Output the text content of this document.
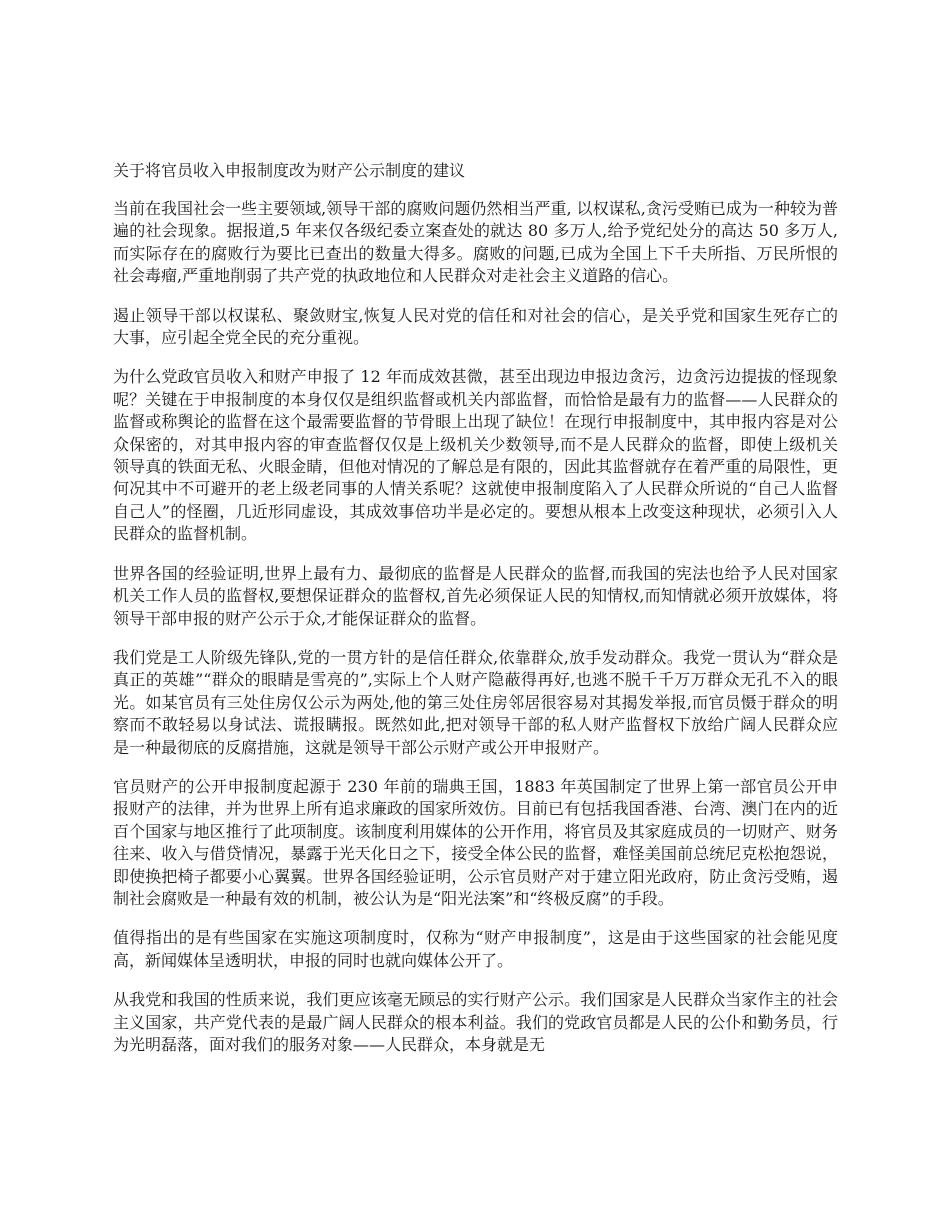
关于将官员收入申报制度改为财产公示制度的建议

当前在我国社会一些主要领域,领导干部的腐败问题仍然相当严重, 以权谋私,贪污受贿已成为一种较为普遍的社会现象。据报道,5 年来仅各级纪委立案查处的就达 80 多万人,给予党纪处分的高达 50 多万人,而实际存在的腐败行为要比已查出的数量大得多。腐败的问题,已成为全国上下千夫所指、万民所恨的社会毒瘤,严重地削弱了共产党的执政地位和人民群众对走社会主义道路的信心。

遏止领导干部以权谋私、聚敛财宝,恢复人民对党的信任和对社会的信心，是关乎党和国家生死存亡的大事，应引起全党全民的充分重视。

为什么党政官员收入和财产申报了 12 年而成效甚微，甚至出现边申报边贪污，边贪污边提拔的怪现象呢？关键在于申报制度的本身仅仅是组织监督或机关内部监督，而恰恰是最有力的监督——人民群众的监督或称舆论的监督在这个最需要监督的节骨眼上出现了缺位！在现行申报制度中，其申报内容是对公众保密的，对其申报内容的审查监督仅仅是上级机关少数领导,而不是人民群众的监督，即使上级机关领导真的铁面无私、火眼金睛，但他对情况的了解总是有限的，因此其监督就存在着严重的局限性，更何况其中不可避开的老上级老同事的人情关系呢？这就使申报制度陷入了人民群众所说的“自己人监督自己人”的怪圈，几近形同虚设，其成效事倍功半是必定的。要想从根本上改变这种现状，必须引入人民群众的监督机制。

世界各国的经验证明,世界上最有力、最彻底的监督是人民群众的监督,而我国的宪法也给予人民对国家机关工作人员的监督权,要想保证群众的监督权,首先必须保证人民的知情权,而知情就必须开放媒体，将领导干部申报的财产公示于众,才能保证群众的监督。

我们党是工人阶级先锋队,党的一贯方针的是信任群众,依靠群众,放手发动群众。我党一贯认为“群众是真正的英雄”“群众的眼睛是雪亮的”,实际上个人财产隐蔽得再好,也逃不脱千千万万群众无孔不入的眼光。如某官员有三处住房仅公示为两处,他的第三处住房邻居很容易对其揭发举报,而官员慑于群众的明察而不敢轻易以身试法、谎报瞒报。既然如此,把对领导干部的私人财产监督权下放给广阔人民群众应是一种最彻底的反腐措施，这就是领导干部公示财产或公开申报财产。

官员财产的公开申报制度起源于 230 年前的瑞典王国，1883 年英国制定了世界上第一部官员公开申报财产的法律，并为世界上所有追求廉政的国家所效仿。目前已有包括我国香港、台湾、澳门在内的近百个国家与地区推行了此项制度。该制度利用媒体的公开作用，将官员及其家庭成员的一切财产、财务往来、收入与借贷情况，暴露于光天化日之下，接受全体公民的监督，难怪美国前总统尼克松抱怨说，即使换把椅子都要小心翼翼。世界各国经验证明，公示官员财产对于建立阳光政府，防止贪污受贿，遏制社会腐败是一种最有效的机制，被公认为是“阳光法案”和“终极反腐”的手段。

值得指出的是有些国家在实施这项制度时，仅称为“财产申报制度”，这是由于这些国家的社会能见度高，新闻媒体呈透明状，申报的同时也就向媒体公开了。

从我党和我国的性质来说，我们更应该毫无顾忌的实行财产公示。我们国家是人民群众当家作主的社会主义国家，共产党代表的是最广阔人民群众的根本利益。我们的党政官员都是人民的公仆和勤务员，行为光明磊落，面对我们的服务对象——人民群众，本身就是无
